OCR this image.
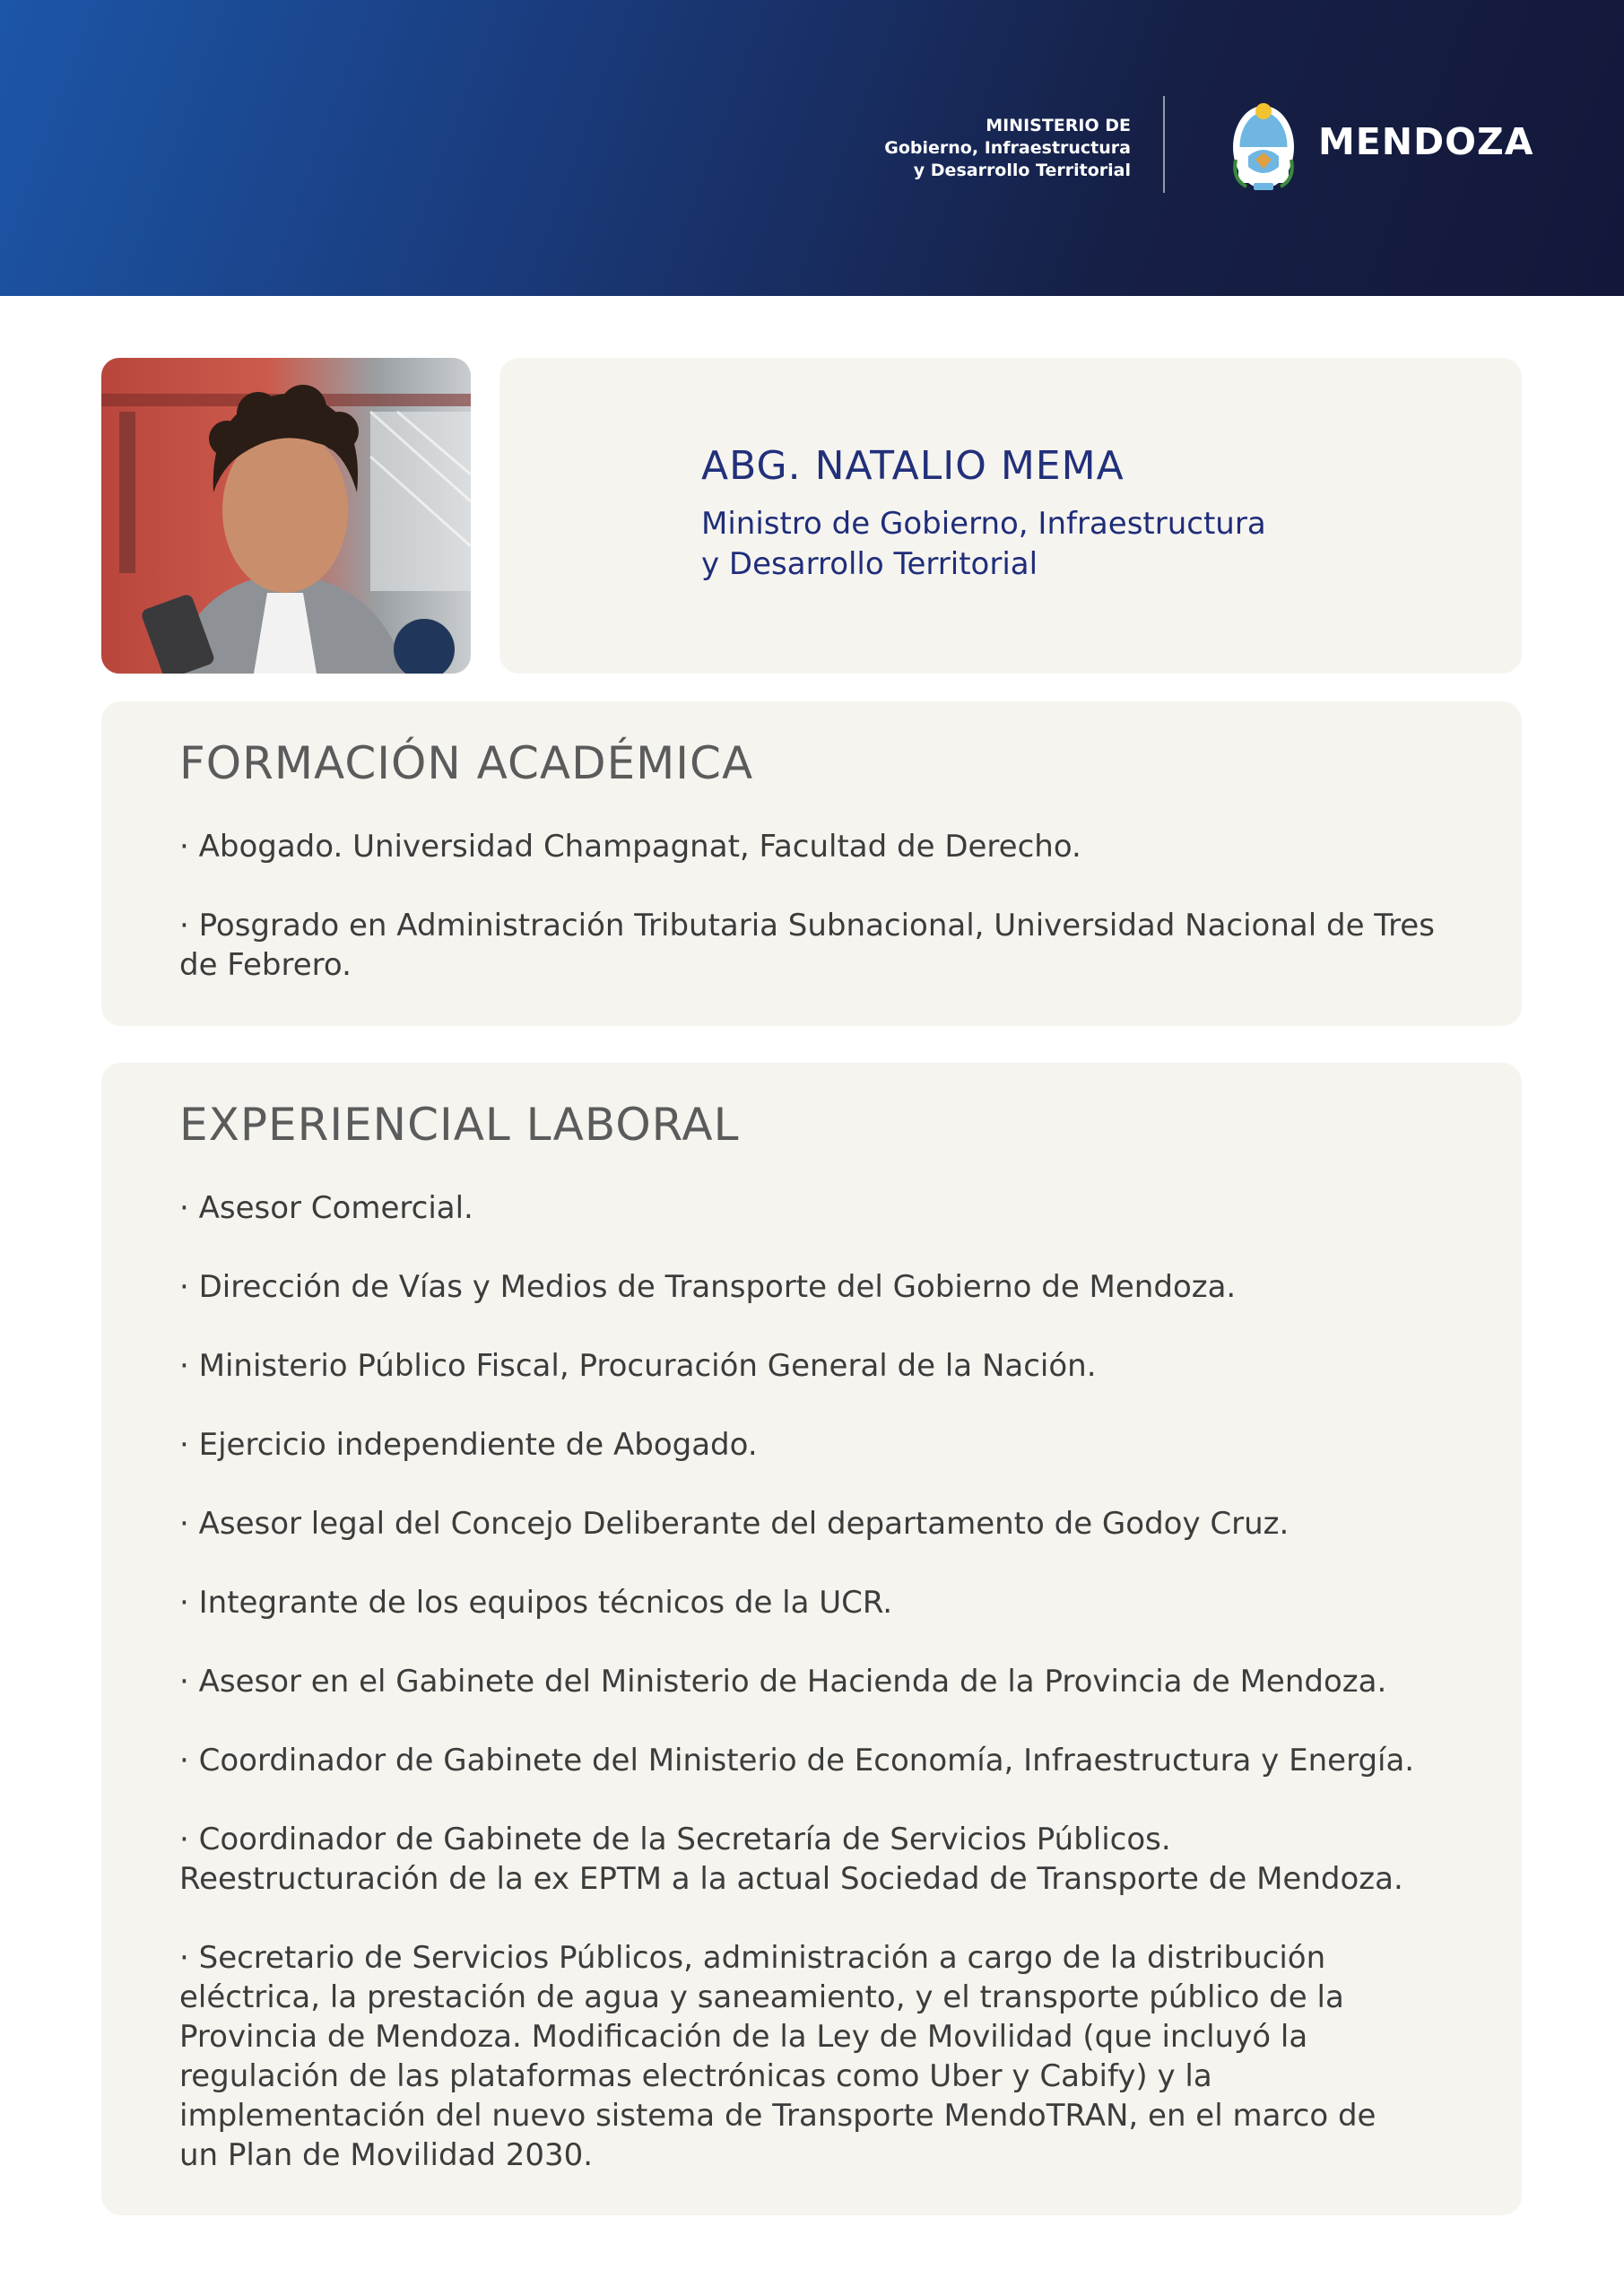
MINISTERIO DE
Gobierno, Infraestructura
y Desarrollo Territorial
MENDOZA
ABG. NATALIO MEMA
Ministro de Gobierno, Infraestructura
y Desarrollo Territorial
FORMACIÓN ACADÉMICA
· Abogado. Universidad Champagnat, Facultad de Derecho.
· Posgrado en Administración Tributaria Subnacional, Universidad Nacional de Tres
de Febrero.
EXPERIENCIAL LABORAL
· Asesor Comercial.
· Dirección de Vías y Medios de Transporte del Gobierno de Mendoza.
· Ministerio Público Fiscal, Procuración General de la Nación.
· Ejercicio independiente de Abogado.
· Asesor legal del Concejo Deliberante del departamento de Godoy Cruz.
· Integrante de los equipos técnicos de la UCR.
· Asesor en el Gabinete del Ministerio de Hacienda de la Provincia de Mendoza.
· Coordinador de Gabinete del Ministerio de Economía, Infraestructura y Energía.
· Coordinador de Gabinete de la Secretaría de Servicios Públicos.
Reestructuración de la ex EPTM a la actual Sociedad de Transporte de Mendoza.
· Secretario de Servicios Públicos, administración a cargo de la distribución
eléctrica, la prestación de agua y saneamiento, y el transporte público de la
Provincia de Mendoza. Modificación de la Ley de Movilidad (que incluyó la
regulación de las plataformas electrónicas como Uber y Cabify) y la
implementación del nuevo sistema de Transporte MendoTRAN, en el marco de
un Plan de Movilidad 2030.
